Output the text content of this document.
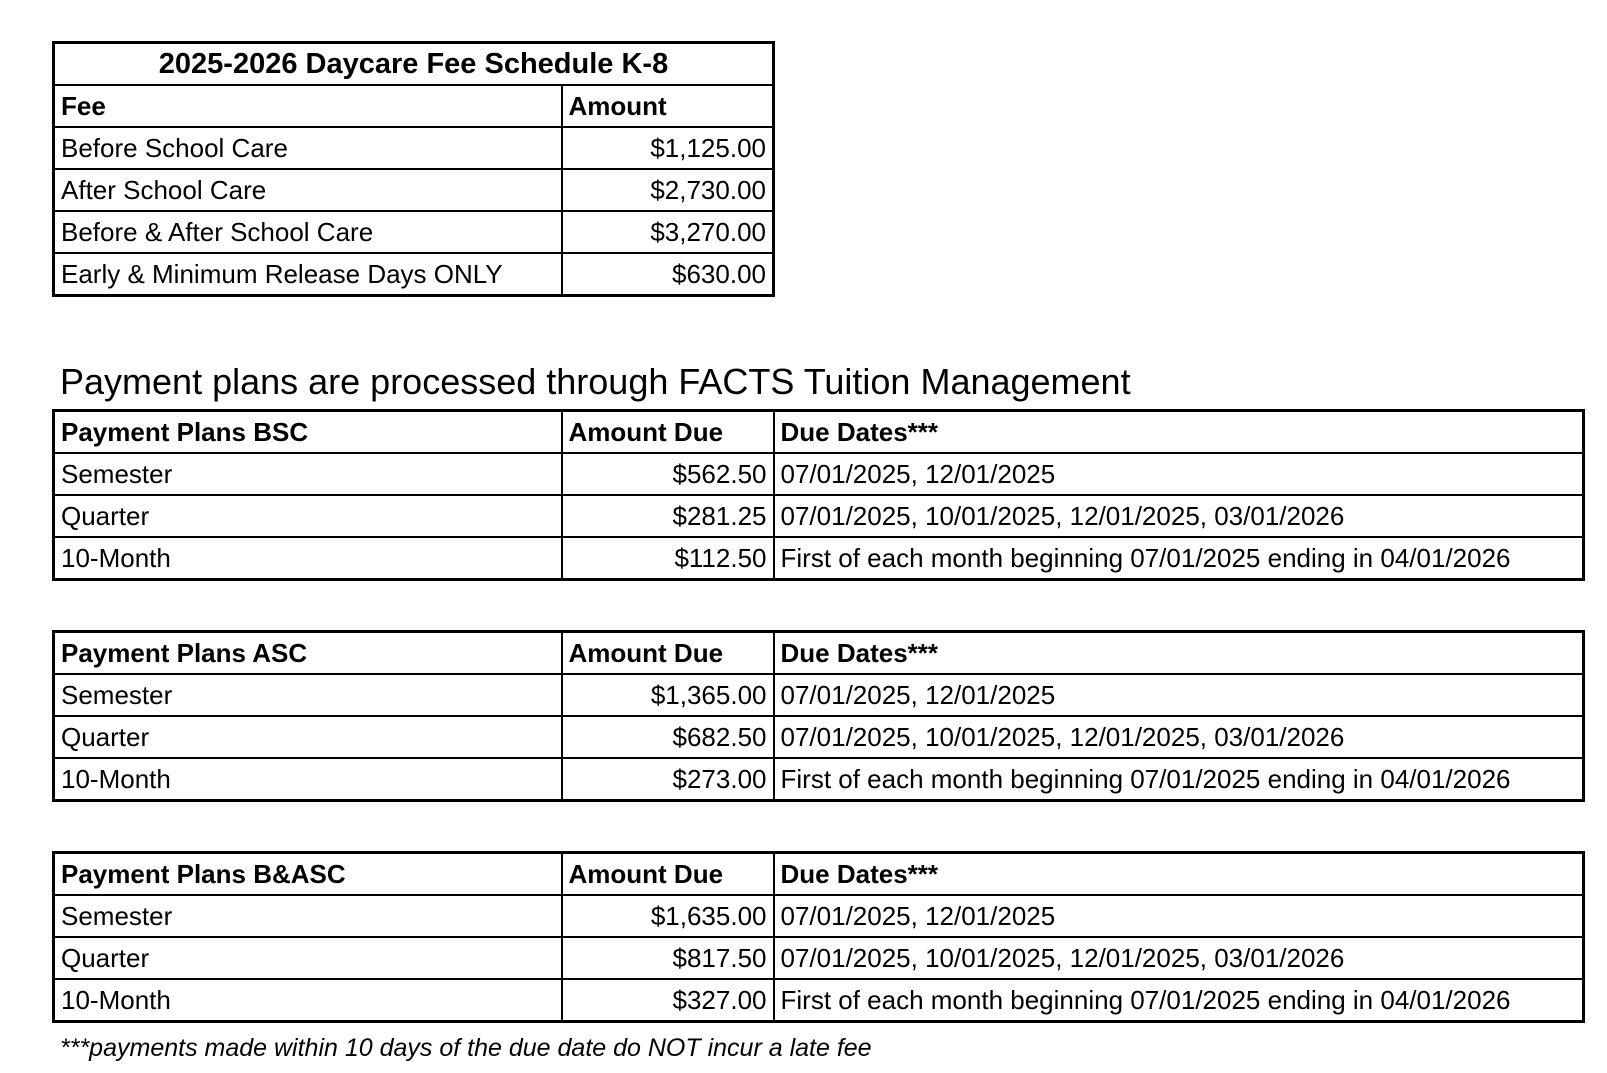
2025-2026 Daycare Fee Schedule K-8	
Fee	Amount
Before School Care	$1,125.00
After School Care	$2,730.00
Before & After School Care	$3,270.00
Early & Minimum Release Days ONLY	$630.00
Payment plans are processed through FACTS Tuition Management
Payment Plans BSC	Amount Due	Due Dates***
Semester	$562.50	07/01/2025, 12/01/2025
Quarter	$281.25	07/01/2025, 10/01/2025, 12/01/2025, 03/01/2026
10-Month	$112.50	First of each month beginning 07/01/2025 ending in 04/01/2026
Payment Plans ASC	Amount Due	Due Dates***
Semester	$1,365.00	07/01/2025, 12/01/2025
Quarter	$682.50	07/01/2025, 10/01/2025, 12/01/2025, 03/01/2026
10-Month	$273.00	First of each month beginning 07/01/2025 ending in 04/01/2026
Payment Plans B&ASC	Amount Due	Due Dates***
Semester	$1,635.00	07/01/2025, 12/01/2025
Quarter	$817.50	07/01/2025, 10/01/2025, 12/01/2025, 03/01/2026
10-Month	$327.00	First of each month beginning 07/01/2025 ending in 04/01/2026
***payments made within 10 days of the due date do NOT incur a late fee
